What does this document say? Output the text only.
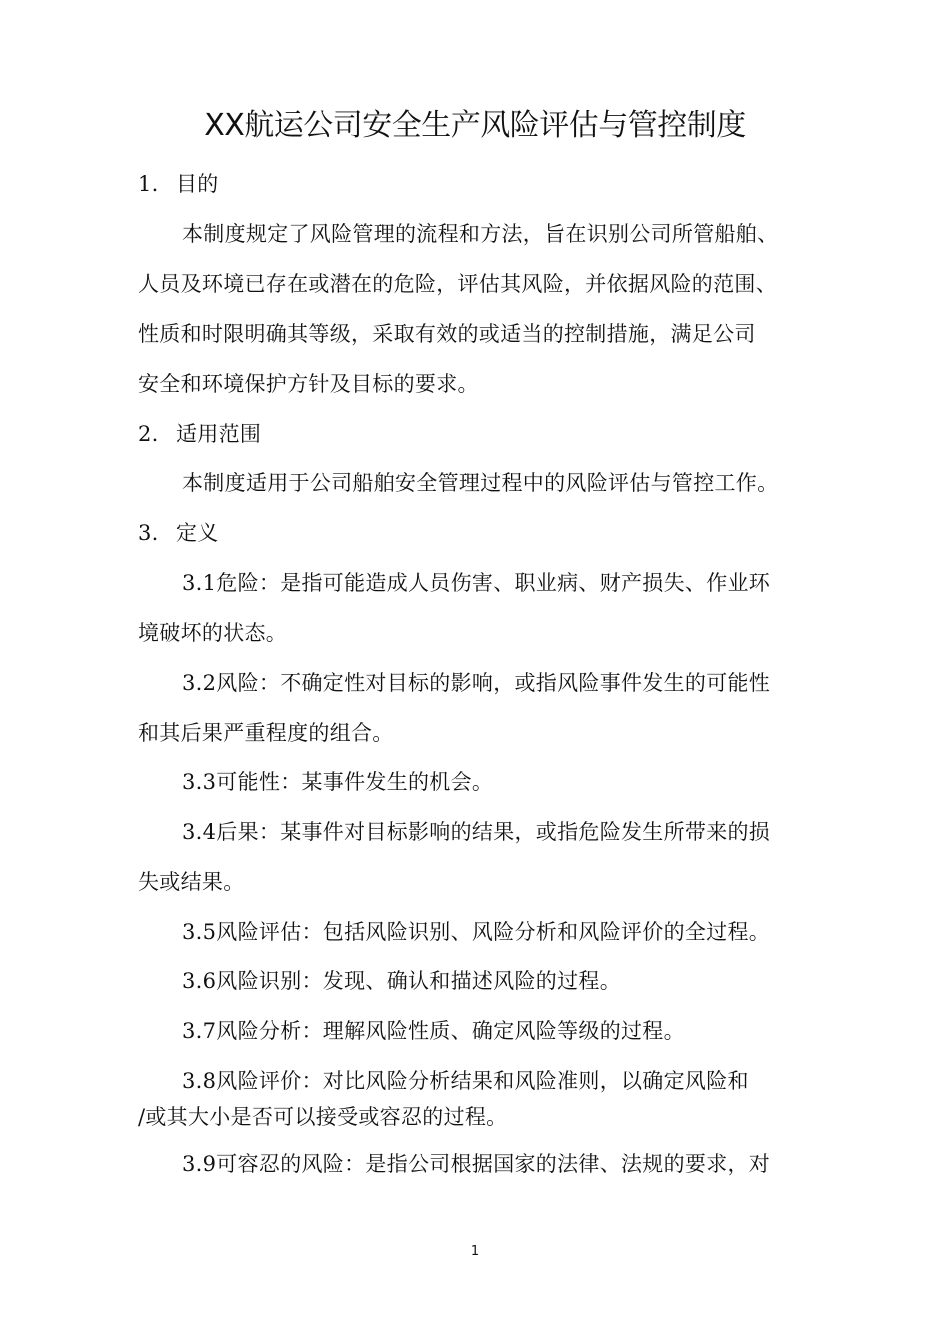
XX航运公司安全生产风险评估与管控制度
1. 目的
本制度规定了风险管理的流程和方法，旨在识别公司所管船舶、
人员及环境已存在或潜在的危险，评估其风险，并依据风险的范围、
性质和时限明确其等级，采取有效的或适当的控制措施，满足公司
安全和环境保护方针及目标的要求。
2. 适用范围
本制度适用于公司船舶安全管理过程中的风险评估与管控工作。
3. 定义
3.1危险：是指可能造成人员伤害、职业病、财产损失、作业环
境破坏的状态。
3.2风险：不确定性对目标的影响，或指风险事件发生的可能性
和其后果严重程度的组合。
3.3可能性：某事件发生的机会。
3.4后果：某事件对目标影响的结果，或指危险发生所带来的损
失或结果。
3.5风险评估：包括风险识别、风险分析和风险评价的全过程。
3.6风险识别：发现、确认和描述风险的过程。
3.7风险分析：理解风险性质、确定风险等级的过程。
3.8风险评价：对比风险分析结果和风险准则，以确定风险和
/或其大小是否可以接受或容忍的过程。
3.9可容忍的风险：是指公司根据国家的法律、法规的要求，对
1
